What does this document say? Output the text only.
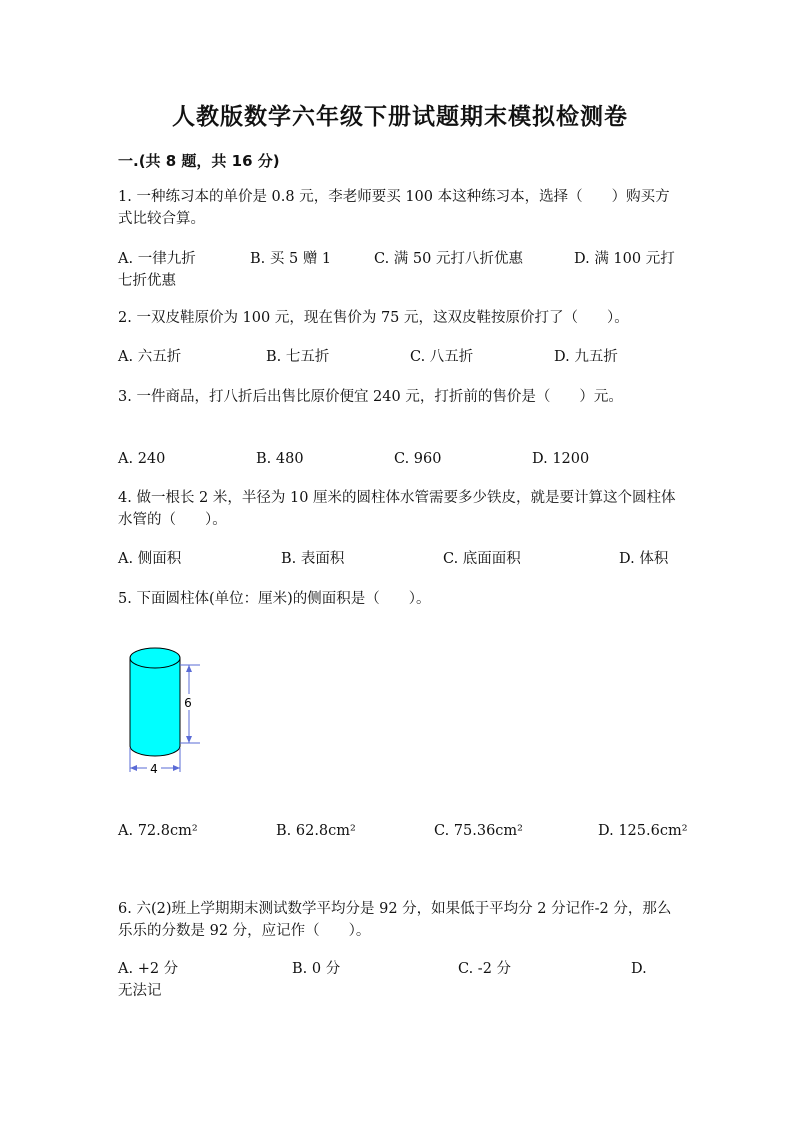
人教版数学六年级下册试题期末模拟检测卷
一.(共 8 题，共 16 分)
1. 一种练习本的单价是 0.8 元，李老师要买 100 本这种练习本，选择（　　）购买方式比较合算。
A. 一律九折	B. 买 5 赠 1	C. 满 50 元打八折优惠	D. 满 100 元打七折优惠
2. 一双皮鞋原价为 100 元，现在售价为 75 元，这双皮鞋按原价打了（　　）。
A. 六五折	B. 七五折	C. 八五折	D. 九五折
3. 一件商品，打八折后出售比原价便宜 240 元，打折前的售价是（　　）元。
A. 240	B. 480	C. 960	D. 1200
4. 做一根长 2 米，半径为 10 厘米的圆柱体水管需要多少铁皮，就是要计算这个圆柱体水管的（　　）。
A. 侧面积	B. 表面积	C. 底面面积	D. 体积
5. 下面圆柱体(单位：厘米)的侧面积是（　　）。
6
4
A. 72.8cm²	B. 62.8cm²	C. 75.36cm²	D. 125.6cm²
6. 六(2)班上学期期末测试数学平均分是 92 分，如果低于平均分 2 分记作-2 分，那么乐乐的分数是 92 分，应记作（　　）。
A. +2 分	B. 0 分	C. -2 分	D. 无法记
